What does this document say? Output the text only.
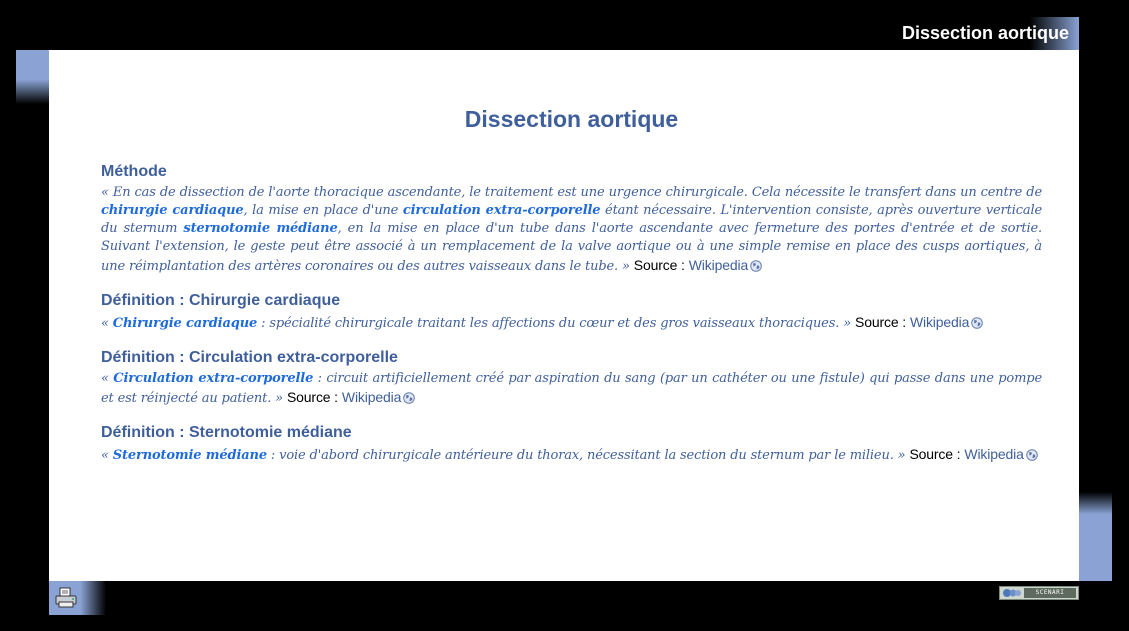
Dissection aortique
Dissection aortique
Méthode

« En cas de dissection de l'aorte thoracique ascendante, le traitement est une urgence chirurgicale. Cela nécessite le transfert dans un centre de chirurgie cardiaque, la mise en place d'une circulation extra-corporelle étant nécessaire. L'intervention consiste, après ouverture verticale du sternum sternotomie médiane, en la mise en place d'un tube dans l'aorte ascendante avec fermeture des portes d'entrée et de sortie. Suivant l'extension, le geste peut être associé à un remplacement de la valve aortique ou à une simple remise en place des cusps aortiques, à une réimplantation des artères coronaires ou des autres vaisseaux dans le tube. » Source : Wikipedia

Définition : Chirurgie cardiaque

« Chirurgie cardiaque : spécialité chirurgicale traitant les affections du cœur et des gros vaisseaux thoraciques. » Source : Wikipedia

Définition : Circulation extra-corporelle

« Circulation extra-corporelle : circuit artificiellement créé par aspiration du sang (par un cathéter ou une fistule) qui passe dans une pompe et est réinjecté au patient. » Source : Wikipedia

Définition : Sternotomie médiane

« Sternotomie médiane : voie d'abord chirurgicale antérieure du thorax, nécessitant la section du sternum par le milieu. » Source : Wikipedia

SCENARI
